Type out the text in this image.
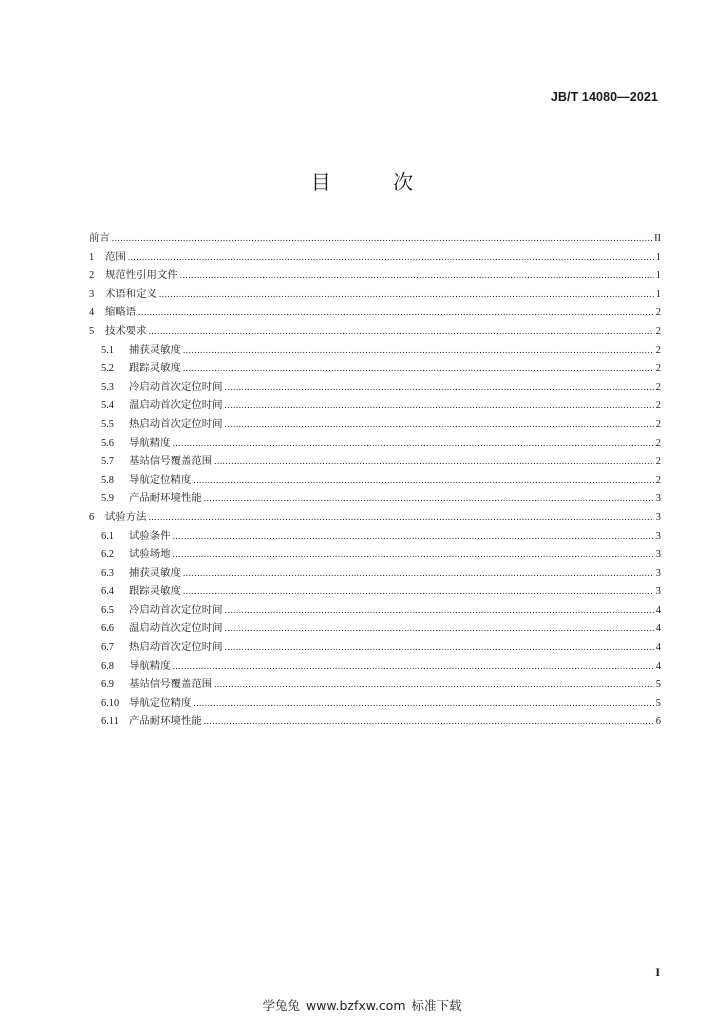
JB/T 14080—2021
目 次
前言 .....	II
1	范围 .....	1
2	规范性引用文件 .....	1
3	术语和定义 .....	1
4	缩略语 .....	2
5	技术要求 .....	2
5.1	捕获灵敏度 .....	2
5.2	跟踪灵敏度 .....	2
5.3	冷启动首次定位时间 .....	2
5.4	温启动首次定位时间 .....	2
5.5	热启动首次定位时间 .....	2
5.6	导航精度 .....	2
5.7	基站信号覆盖范围 .....	2
5.8	导航定位精度 .....	2
5.9	产品耐环境性能 .....	3
6	试验方法 .....	3
6.1	试验条件 .....	3
6.2	试验场地 .....	3
6.3	捕获灵敏度 .....	3
6.4	跟踪灵敏度 .....	3
6.5	冷启动首次定位时间 .....	4
6.6	温启动首次定位时间 .....	4
6.7	热启动首次定位时间 .....	4
6.8	导航精度 .....	4
6.9	基站信号覆盖范围 .....	5
6.10 导航定位精度 .....	5
6.11 产品耐环境性能 .....	6
I
学兔兔 www.bzfxw.com 标准下载
